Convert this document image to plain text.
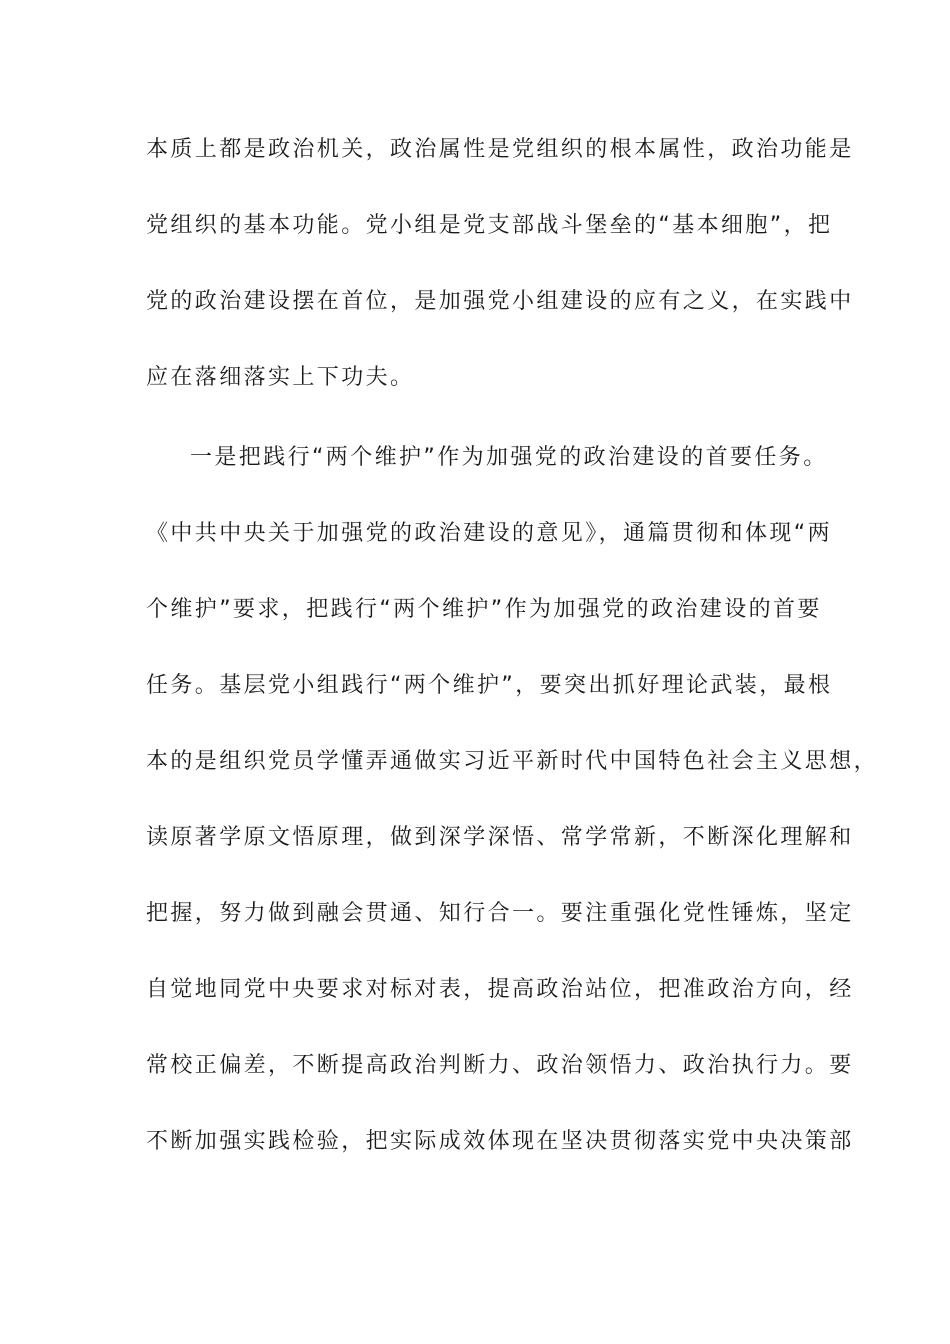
本质上都是政治机关，政治属性是党组织的根本属性，政治功能是
党组织的基本功能。党小组是党支部战斗堡垒的“基本细胞”，把
党的政治建设摆在首位，是加强党小组建设的应有之义，在实践中
应在落细落实上下功夫。
一是把践行“两个维护”作为加强党的政治建设的首要任务。
《中共中央关于加强党的政治建设的意见》，通篇贯彻和体现“两
个维护”要求，把践行“两个维护”作为加强党的政治建设的首要
任务。基层党小组践行“两个维护”，要突出抓好理论武装，最根
本的是组织党员学懂弄通做实习近平新时代中国特色社会主义思想，
读原著学原文悟原理，做到深学深悟、常学常新，不断深化理解和
把握，努力做到融会贯通、知行合一。要注重强化党性锤炼，坚定
自觉地同党中央要求对标对表，提高政治站位，把准政治方向，经
常校正偏差，不断提高政治判断力、政治领悟力、政治执行力。要
不断加强实践检验，把实际成效体现在坚决贯彻落实党中央决策部
